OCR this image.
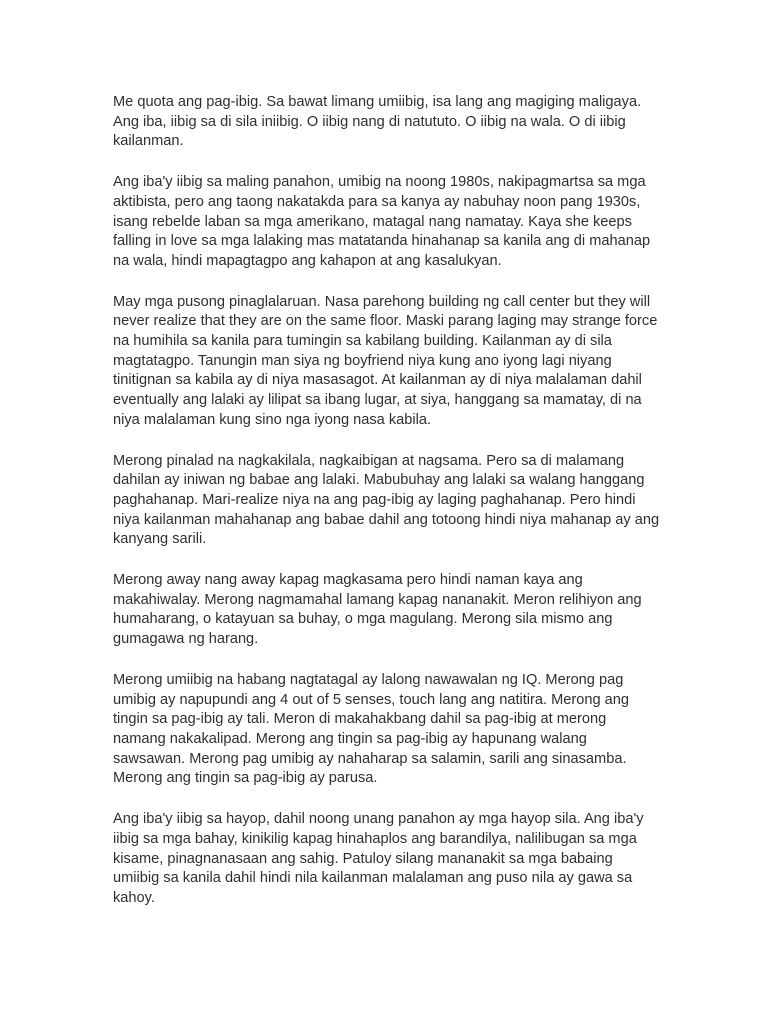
Me quota ang pag-ibig. Sa bawat limang umiibig, isa lang ang magiging maligaya.
Ang iba, iibig sa di sila iniibig. O iibig nang di natututo. O iibig na wala. O di iibig
kailanman.

Ang iba'y iibig sa maling panahon, umibig na noong 1980s, nakipagmartsa sa mga
aktibista, pero ang taong nakatakda para sa kanya ay nabuhay noon pang 1930s,
isang rebelde laban sa mga amerikano, matagal nang namatay. Kaya she keeps
falling in love sa mga lalaking mas matatanda hinahanap sa kanila ang di mahanap
na wala, hindi mapagtagpo ang kahapon at ang kasalukyan.

May mga pusong pinaglalaruan. Nasa parehong building ng call center but they will
never realize that they are on the same floor. Maski parang laging may strange force
na humihila sa kanila para tumingin sa kabilang building. Kailanman ay di sila
magtatagpo. Tanungin man siya ng boyfriend niya kung ano iyong lagi niyang
tinitignan sa kabila ay di niya masasagot. At kailanman ay di niya malalaman dahil
eventually ang lalaki ay lilipat sa ibang lugar, at siya, hanggang sa mamatay, di na
niya malalaman kung sino nga iyong nasa kabila.

Merong pinalad na nagkakilala, nagkaibigan at nagsama. Pero sa di malamang
dahilan ay iniwan ng babae ang lalaki. Mabubuhay ang lalaki sa walang hanggang
paghahanap. Mari-realize niya na ang pag-ibig ay laging paghahanap. Pero hindi
niya kailanman mahahanap ang babae dahil ang totoong hindi niya mahanap ay ang
kanyang sarili.

Merong away nang away kapag magkasama pero hindi naman kaya ang
makahiwalay. Merong nagmamahal lamang kapag nananakit. Meron relihiyon ang
humaharang, o katayuan sa buhay, o mga magulang. Merong sila mismo ang
gumagawa ng harang.

Merong umiibig na habang nagtatagal ay lalong nawawalan ng IQ. Merong pag
umibig ay napupundi ang 4 out of 5 senses, touch lang ang natitira. Merong ang
tingin sa pag-ibig ay tali. Meron di makahakbang dahil sa pag-ibig at merong
namang nakakalipad. Merong ang tingin sa pag-ibig ay hapunang walang
sawsawan. Merong pag umibig ay nahaharap sa salamin, sarili ang sinasamba.
Merong ang tingin sa pag-ibig ay parusa.

Ang iba'y iibig sa hayop, dahil noong unang panahon ay mga hayop sila. Ang iba'y
iibig sa mga bahay, kinikilig kapag hinahaplos ang barandilya, nalilibugan sa mga
kisame, pinagnanasaan ang sahig. Patuloy silang mananakit sa mga babaing
umiibig sa kanila dahil hindi nila kailanman malalaman ang puso nila ay gawa sa
kahoy.
